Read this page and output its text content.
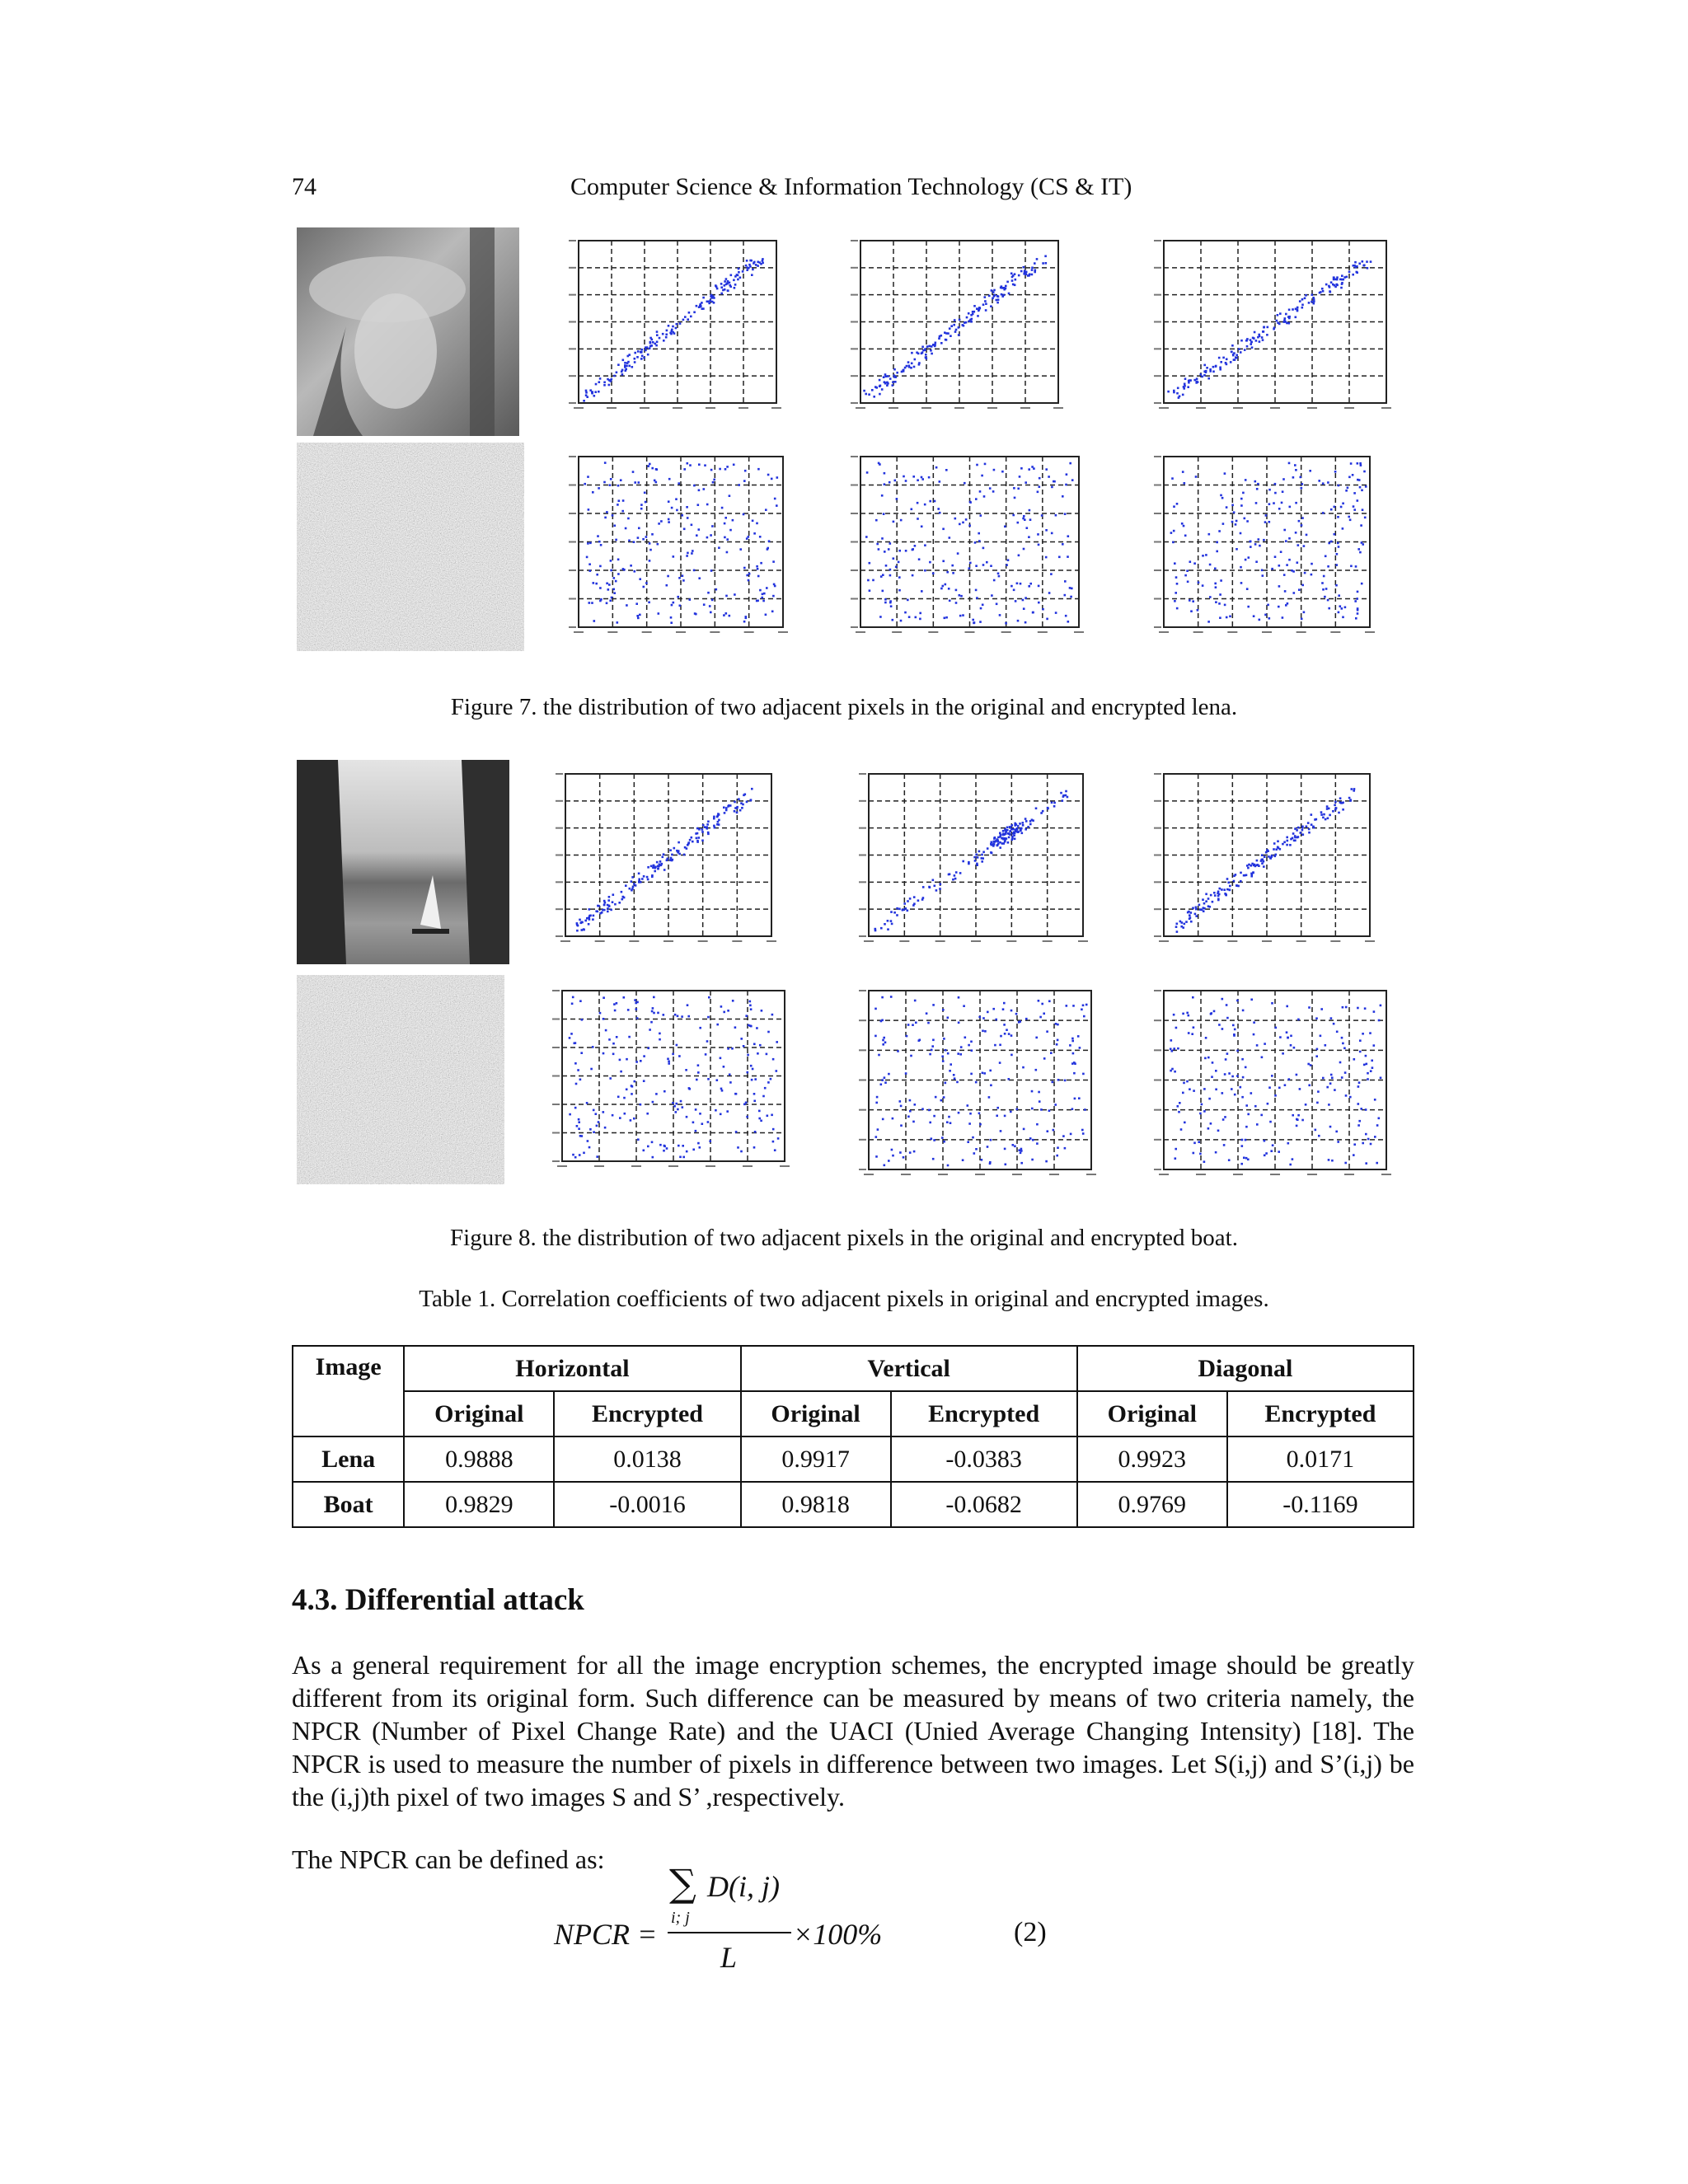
74	Computer Science & Information Technology (CS & IT)
Figure 7. the distribution of two adjacent pixels in the original and encrypted lena.
Figure 8. the distribution of two adjacent pixels in the original and encrypted boat.
Table 1. Correlation coefficients of two adjacent pixels in original and encrypted images.
Image	Horizontal		Vertical		Diagonal	
	Original	Encrypted	Original	Encrypted	Original	Encrypted
Lena	0.9888	0.0138	0.9917	-0.0383	0.9923	0.0171
Boat	0.9829	-0.0016	0.9818	-0.0682	0.9769	-0.1169
4.3. Differential attack
As a general requirement for all the image encryption schemes, the encrypted image should be greatly different from its original form. Such difference can be measured by means of two criteria namely, the NPCR (Number of Pixel Change Rate) and the UACI (Unied Average Changing Intensity) [18]. The NPCR is used to measure the number of pixels in difference between two images. Let S(i,j) and S’(i,j) be the (i,j)th pixel of two images S and S’ ,respectively.
The NPCR can be defined as:
NPCR =
∑ D(i, j)
i; j
L
×100%	(2)
